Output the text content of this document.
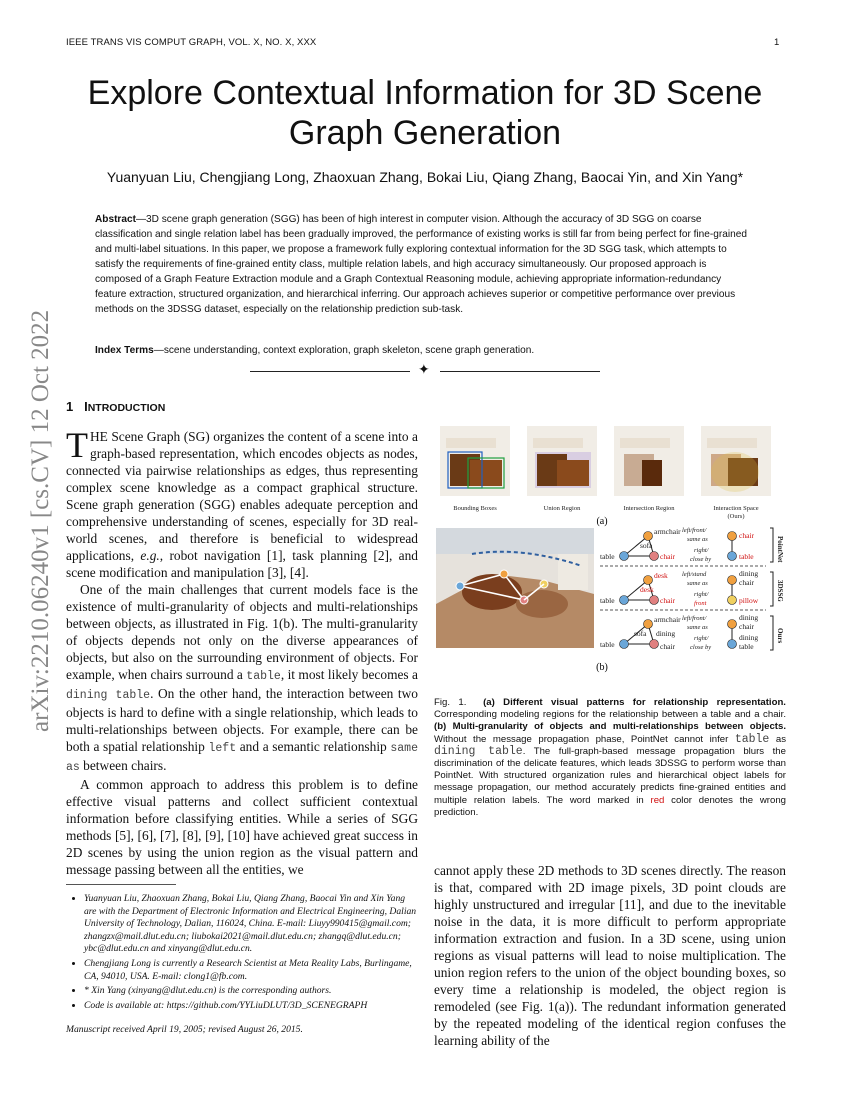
IEEE TRANS VIS COMPUT GRAPH, VOL. X, NO. X, XXX	1
arXiv:2210.06240v1 [cs.CV] 12 Oct 2022
Explore Contextual Information for 3D Scene
Graph Generation
Yuanyuan Liu, Chengjiang Long, Zhaoxuan Zhang, Bokai Liu, Qiang Zhang, Baocai Yin, and Xin Yang*
Abstract—3D scene graph generation (SGG) has been of high interest in computer vision. Although the accuracy of 3D SGG on coarse classification and single relation label has been gradually improved, the performance of existing works is still far from being perfect for fine-grained and multi-label situations. In this paper, we propose a framework fully exploring contextual information for the 3D SGG task, which attempts to satisfy the requirements of fine-grained entity class, multiple relation labels, and high accuracy simultaneously. Our proposed approach is composed of a Graph Feature Extraction module and a Graph Contextual Reasoning module, achieving appropriate information-redundancy feature extraction, structured organization, and hierarchical inferring. Our approach achieves superior or competitive performance over previous methods on the 3DSSG dataset, especially on the relationship prediction sub-task.
Index Terms—scene understanding, context exploration, graph skeleton, scene graph generation.
✦
1 INTRODUCTION

THE Scene Graph (SG) organizes the content of a scene into a graph-based representation, which encodes objects as nodes, connected via pairwise relationships as edges, thus representing complex scene knowledge as a compact graphical structure. Scene graph generation (SGG) enables adequate perception and comprehensive understanding of scenes, especially for 3D real-world scenes, and therefore is beneficial to widespread applications, e.g., robot navigation [1], task planning [2], and scene modification and manipulation [3], [4].

One of the main challenges that current models face is the existence of multi-granularity of objects and multi-relationships between objects, as illustrated in Fig. 1(b). The multi-granularity of objects depends not only on the diverse appearances of objects, but also on the surrounding environment of objects. For example, when chairs surround a table, it most likely becomes a dining table. On the other hand, the interaction between two objects is hard to define with a single relationship, which leads to multi-relationships between objects. For example, there can be both a spatial relationship left and a semantic relationship same as between chairs.

A common approach to address this problem is to define effective visual patterns and collect sufficient contextual information before classifying entities. While a series of SGG methods [5], [6], [7], [8], [9], [10] have achieved great success in 2D scenes by using the union region as the visual pattern and message passing between all the entities, we

• Yuanyuan Liu, Zhaoxuan Zhang, Bokai Liu, Qiang Zhang, Baocai Yin and Xin Yang are with the Department of Electronic Information and Electrical Engineering, Dalian University of Technology, Dalian, 116024, China. E-mail: Liuyy990415@gmail.com; zhangzx@mail.dlut.edu.cn; liubokai2021@mail.dlut.edu.cn; zhangq@dlut.edu.cn; ybc@dlut.edu.cn and xinyang@dlut.edu.cn.
• Chengjiang Long is currently a Research Scientist at Meta Reality Labs, Burlingame, CA, 94010, USA. E-mail: clong1@fb.com.
• * Xin Yang (xinyang@dlut.edu.cn) is the corresponding authors.
• Code is available at: https://github.com/YYLiuDLUT/3D_SCENEGRAPH
Manuscript received April 19, 2005; revised August 26, 2015.
Bounding Boxes	Union Region	Intersection Region	Interaction Space
(Ours)
(a)
armchair
sofa
table	chair
chair
table
left/front/
same as
right/
close by	PointNet
desk
desk
table	chair
dining
chair
pillow
left/stand
same as
right/
front
3DSSG
armchair
sofa dining
table	chair
dining
chair
dining
table
left/front/
same as
right/
close by
Ours
(b)
Fig. 1. (a) Different visual patterns for relationship representation. Corresponding modeling regions for the relationship between a table and a chair. (b) Multi-granularity of objects and multi-relationships between objects. Without the message propagation phase, PointNet cannot infer table as dining table. The full-graph-based message propagation blurs the discrimination of the delicate features, which leads 3DSSG to perform worse than PointNet. With structured organization rules and hierarchical object labels for message propagation, our method accurately predicts fine-grained entities and multiple relation labels. The word marked in red color denotes the wrong prediction.

cannot apply these 2D methods to 3D scenes directly. The reason is that, compared with 2D image pixels, 3D point clouds are highly unstructured and irregular [11], and due to the inevitable noise in the data, it is more difficult to perform appropriate information extraction and fusion. In a 3D scene, using union regions as visual patterns will lead to noise multiplication. The union region refers to the union of the object bounding boxes, so every time a relationship is modeled, the object region is remodeled (see Fig. 1(a)). The redundant information generated by the repeated modeling of the identical region confuses the learning ability of the
